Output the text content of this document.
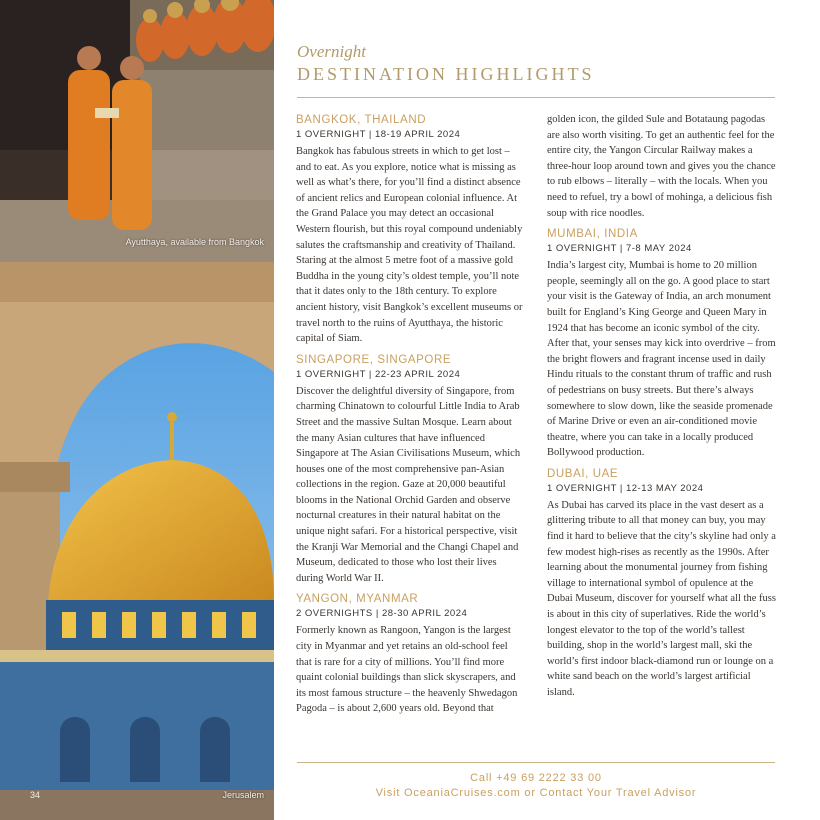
Ayutthaya, available from Bangkok
Jerusalem
34
Overnight
DESTINATION HIGHLIGHTS
BANGKOK, THAILAND
1 OVERNIGHT | 18-19 APRIL 2024
Bangkok has fabulous streets in which to get lost – and to eat. As you explore, notice what is missing as well as what’s there, for you’ll find a distinct absence of ancient relics and European colonial influence. At the Grand Palace you may detect an occasional Western flourish, but this royal compound undeniably salutes the craftsmanship and creativity of Thailand. Staring at the almost 5 metre foot of a massive gold Buddha in the young city’s oldest temple, you’ll note that it dates only to the 18th century. To explore ancient history, visit Bangkok’s excellent museums or travel north to the ruins of Ayutthaya, the historic capital of Siam.
SINGAPORE, SINGAPORE
1 OVERNIGHT | 22-23 APRIL 2024
Discover the delightful diversity of Singapore, from charming Chinatown to colourful Little India to Arab Street and the massive Sultan Mosque. Learn about the many Asian cultures that have influenced Singapore at The Asian Civilisations Museum, which houses one of the most comprehensive pan-Asian collections in the region. Gaze at 20,000 beautiful blooms in the National Orchid Garden and observe nocturnal creatures in their natural habitat on the unique night safari. For a historical perspective, visit the Kranji War Memorial and the Changi Chapel and Museum, dedicated to those who lost their lives during World War II.
YANGON, MYANMAR
2 OVERNIGHTS | 28-30 APRIL 2024
Formerly known as Rangoon, Yangon is the largest city in Myanmar and yet retains an old-school feel that is rare for a city of millions. You’ll find more quaint colonial buildings than slick skyscrapers, and its most famous structure – the heavenly Shwedagon Pagoda – is about 2,600 years old. Beyond that
golden icon, the gilded Sule and Botataung pagodas are also worth visiting. To get an authentic feel for the entire city, the Yangon Circular Railway makes a three-hour loop around town and gives you the chance to rub elbows – literally – with the locals. When you need to refuel, try a bowl of mohinga, a delicious fish soup with rice noodles.
MUMBAI, INDIA
1 OVERNIGHT | 7-8 MAY 2024
India’s largest city, Mumbai is home to 20 million people, seemingly all on the go. A good place to start your visit is the Gateway of India, an arch monument built for England’s King George and Queen Mary in 1924 that has become an iconic symbol of the city. After that, your senses may kick into overdrive – from the bright flowers and fragrant incense used in daily Hindu rituals to the constant thrum of traffic and rush of pedestrians on busy streets. But there’s always somewhere to slow down, like the seaside promenade of Marine Drive or even an air-conditioned movie theatre, where you can take in a locally produced Bollywood production.
DUBAI, UAE
1 OVERNIGHT | 12-13 MAY 2024
As Dubai has carved its place in the vast desert as a glittering tribute to all that money can buy, you may find it hard to believe that the city’s skyline had only a few modest high-rises as recently as the 1990s. After learning about the monumental journey from fishing village to international symbol of opulence at the Dubai Museum, discover for yourself what all the fuss is about in this city of superlatives. Ride the world’s longest elevator to the top of the world’s tallest building, shop in the world’s largest mall, ski the world’s first indoor black-diamond run or lounge on a white sand beach on the world’s largest artificial island.
Call +49 69 2222 33 00
Visit OceaniaCruises.com or Contact Your Travel Advisor
